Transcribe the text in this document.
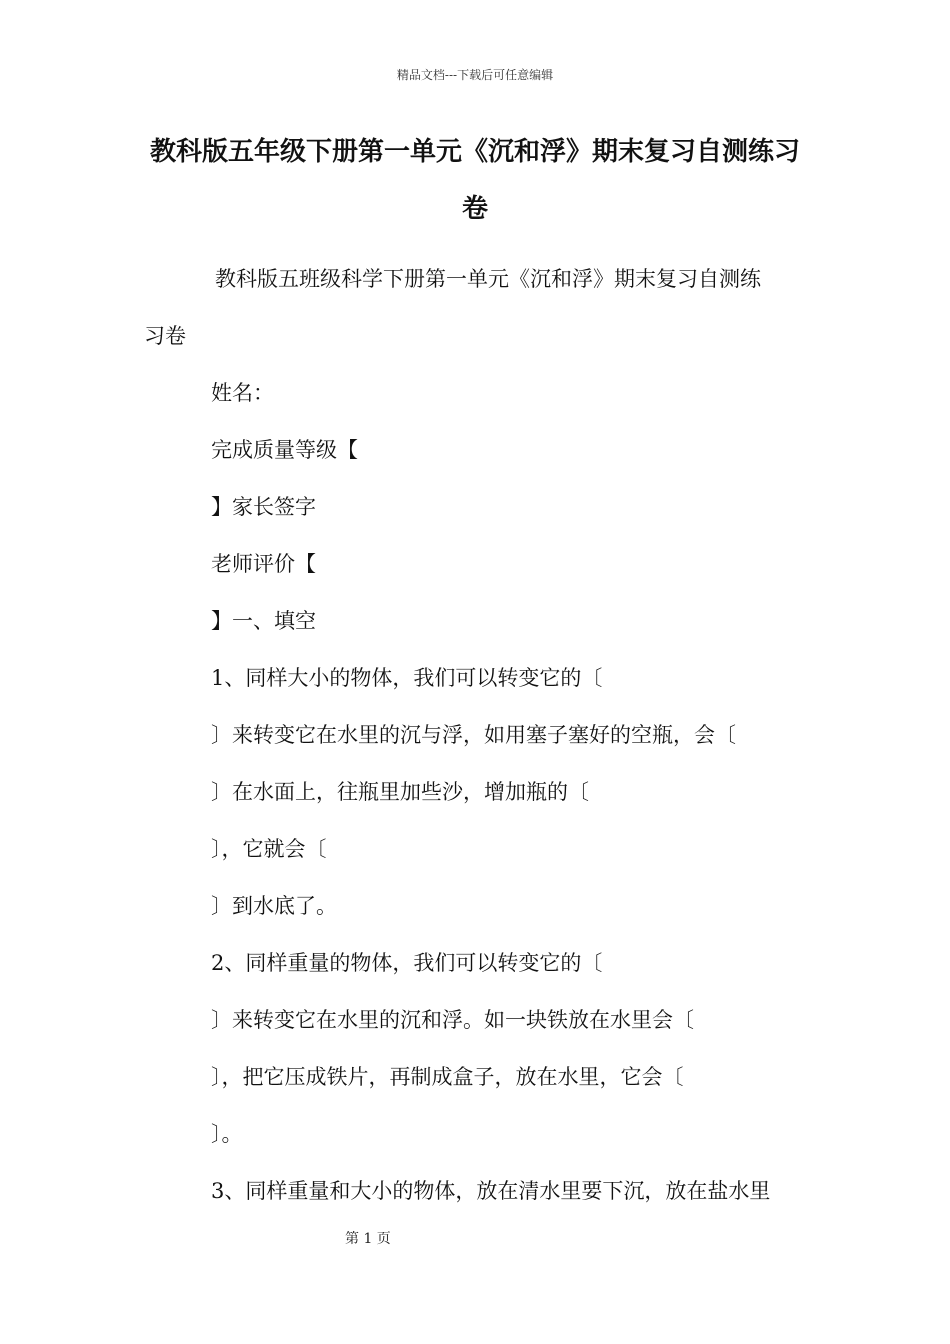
精品文档---下载后可任意编辑
教科版五年级下册第一单元《沉和浮》期末复习自测练习
卷
教科版五班级科学下册第一单元《沉和浮》期末复习自测练
习卷
姓名：
完成质量等级【
】家长签字
老师评价【
】一、填空
1、同样大小的物体，我们可以转变它的〔
〕来转变它在水里的沉与浮，如用塞子塞好的空瓶，会〔
〕在水面上，往瓶里加些沙，增加瓶的〔
〕，它就会〔
〕到水底了。
2、同样重量的物体，我们可以转变它的〔
〕来转变它在水里的沉和浮。如一块铁放在水里会〔
〕，把它压成铁片，再制成盒子，放在水里，它会〔
〕。
3、同样重量和大小的物体，放在清水里要下沉，放在盐水里
第 1 页
